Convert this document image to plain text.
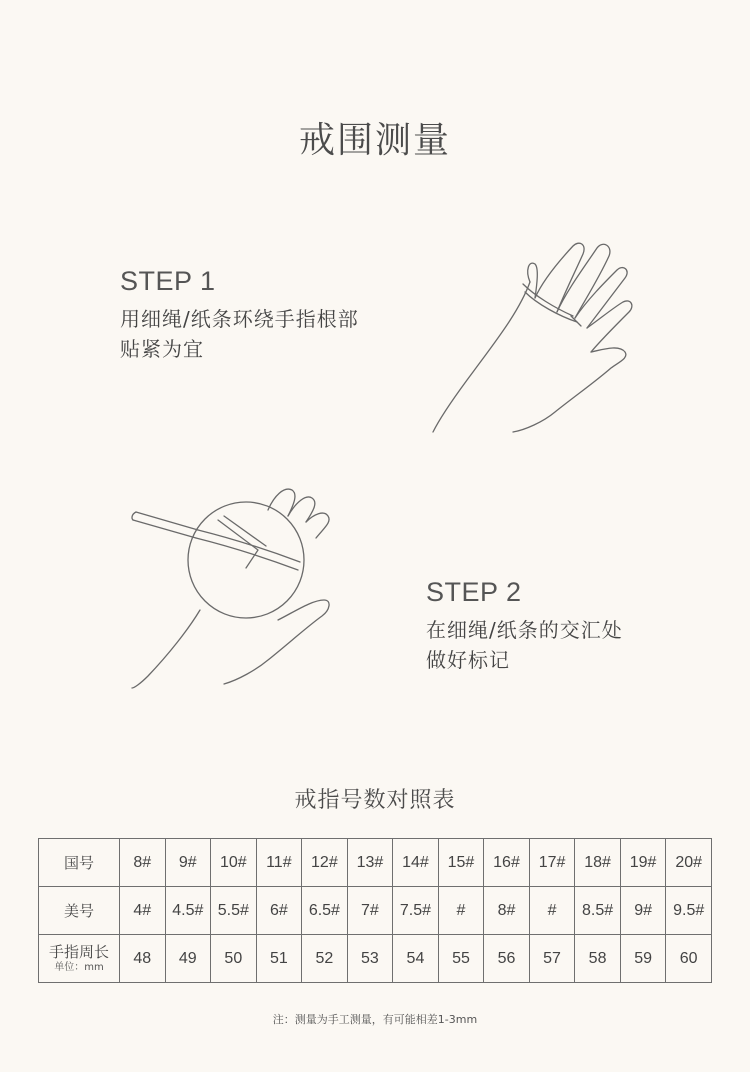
戒围测量
STEP 1
用细绳/纸条环绕手指根部
贴紧为宜
STEP 2
在细绳/纸条的交汇处
做好标记
戒指号数对照表
国号	8#	9#	10#	11#	12#	13#	14#	15#	16#	17#	18#	19#	20#

美号	4#	4.5#	5.5#	6#	6.5#	7#	7.5#	#	8#	#	8.5#	9#	9.5#

手指周长
单位：mm	48	49	50	51	52	53	54	55	56	57	58	59	60
注：测量为手工测量，有可能相差1-3mm
